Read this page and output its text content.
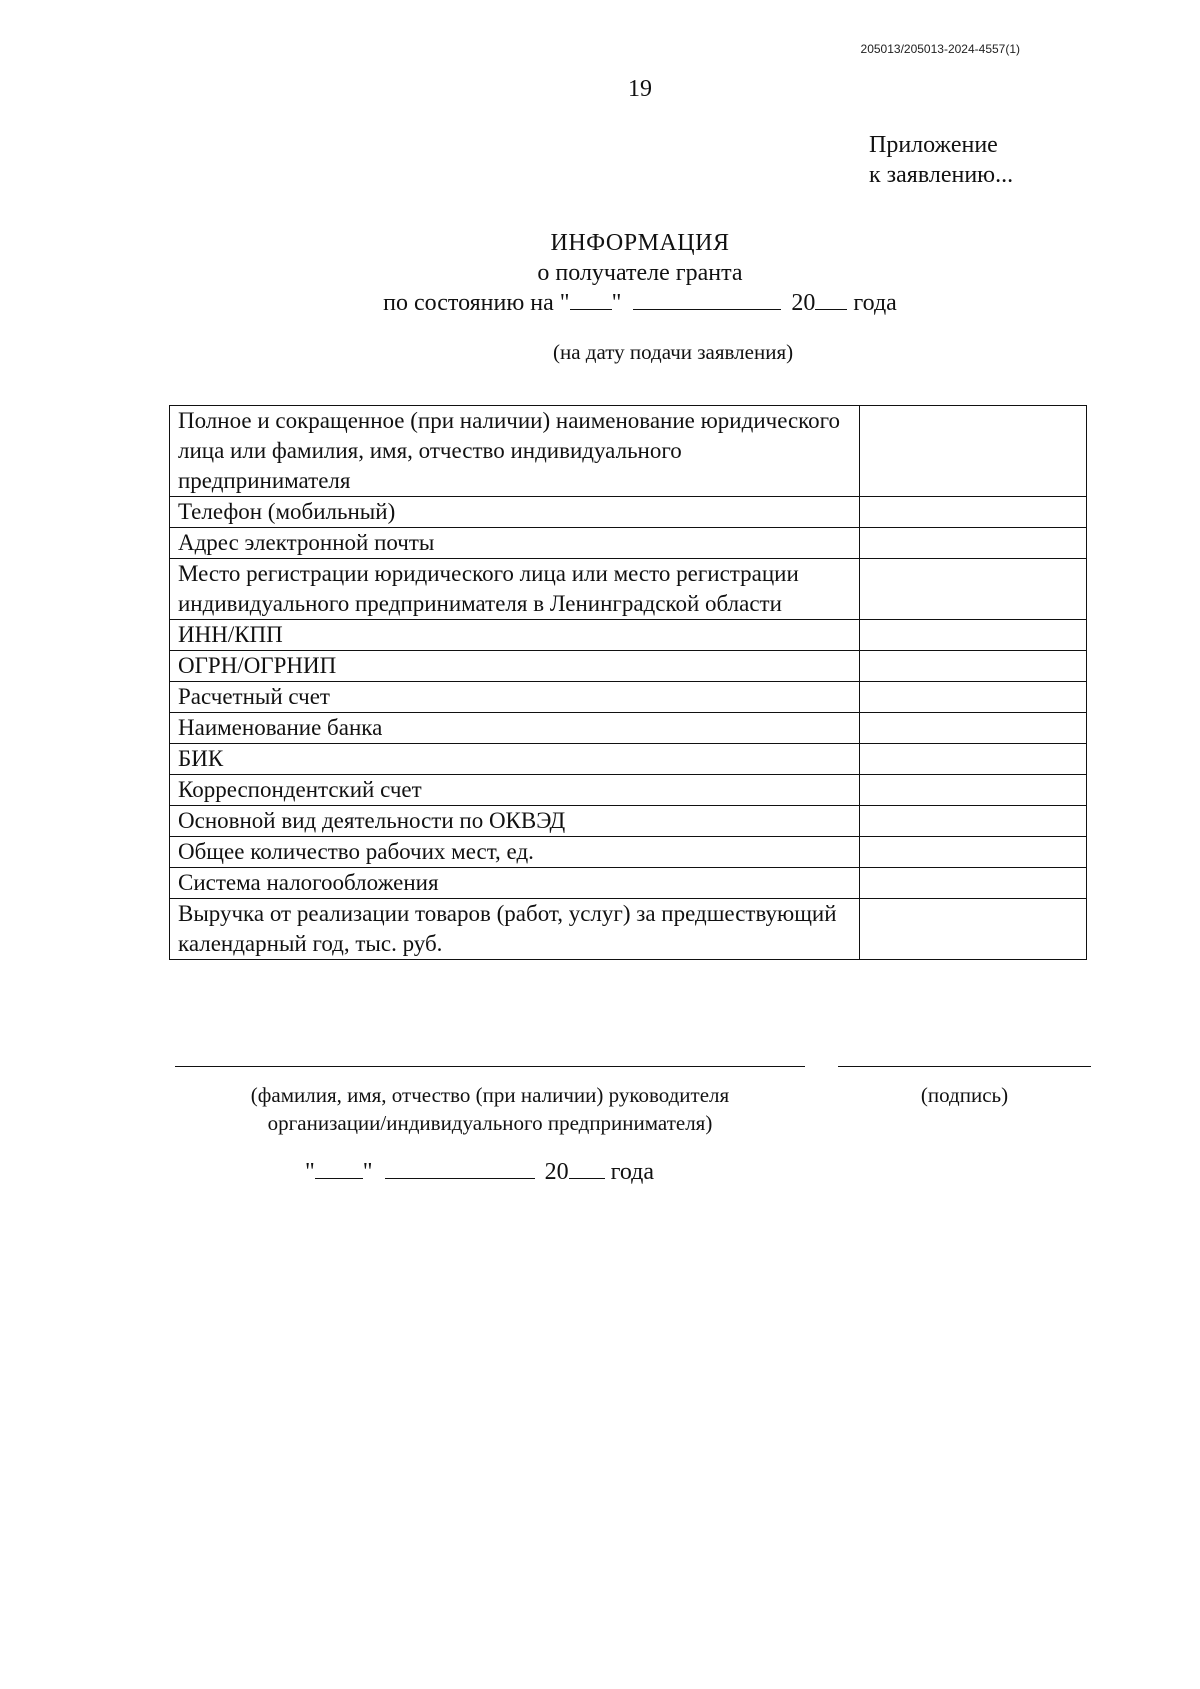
205013/205013-2024-4557(1)
19
Приложение
к заявлению...
ИНФОРМАЦИЯ
о получателе гранта
по состоянию на " "	20 года
(на дату подачи заявления)
Полное и сокращенное (при наличии) наименование юридического лица или фамилия, имя, отчество индивидуального предпринимателя	
Телефон (мобильный)	
Адрес электронной почты	
Место регистрации юридического лица или место регистрации индивидуального предпринимателя в Ленинградской области	
ИНН/КПП	
ОГРН/ОГРНИП	
Расчетный счет	
Наименование банка	
БИК	
Корреспондентский счет	
Основной вид деятельности по ОКВЭД	
Общее количество рабочих мест, ед.	
Система налогообложения	
Выручка от реализации товаров (работ, услуг) за предшествующий календарный год, тыс. руб.	
(фамилия, имя, отчество (при наличии) руководителя
организации/индивидуального предпринимателя)
(подпись)
" "	20 года
